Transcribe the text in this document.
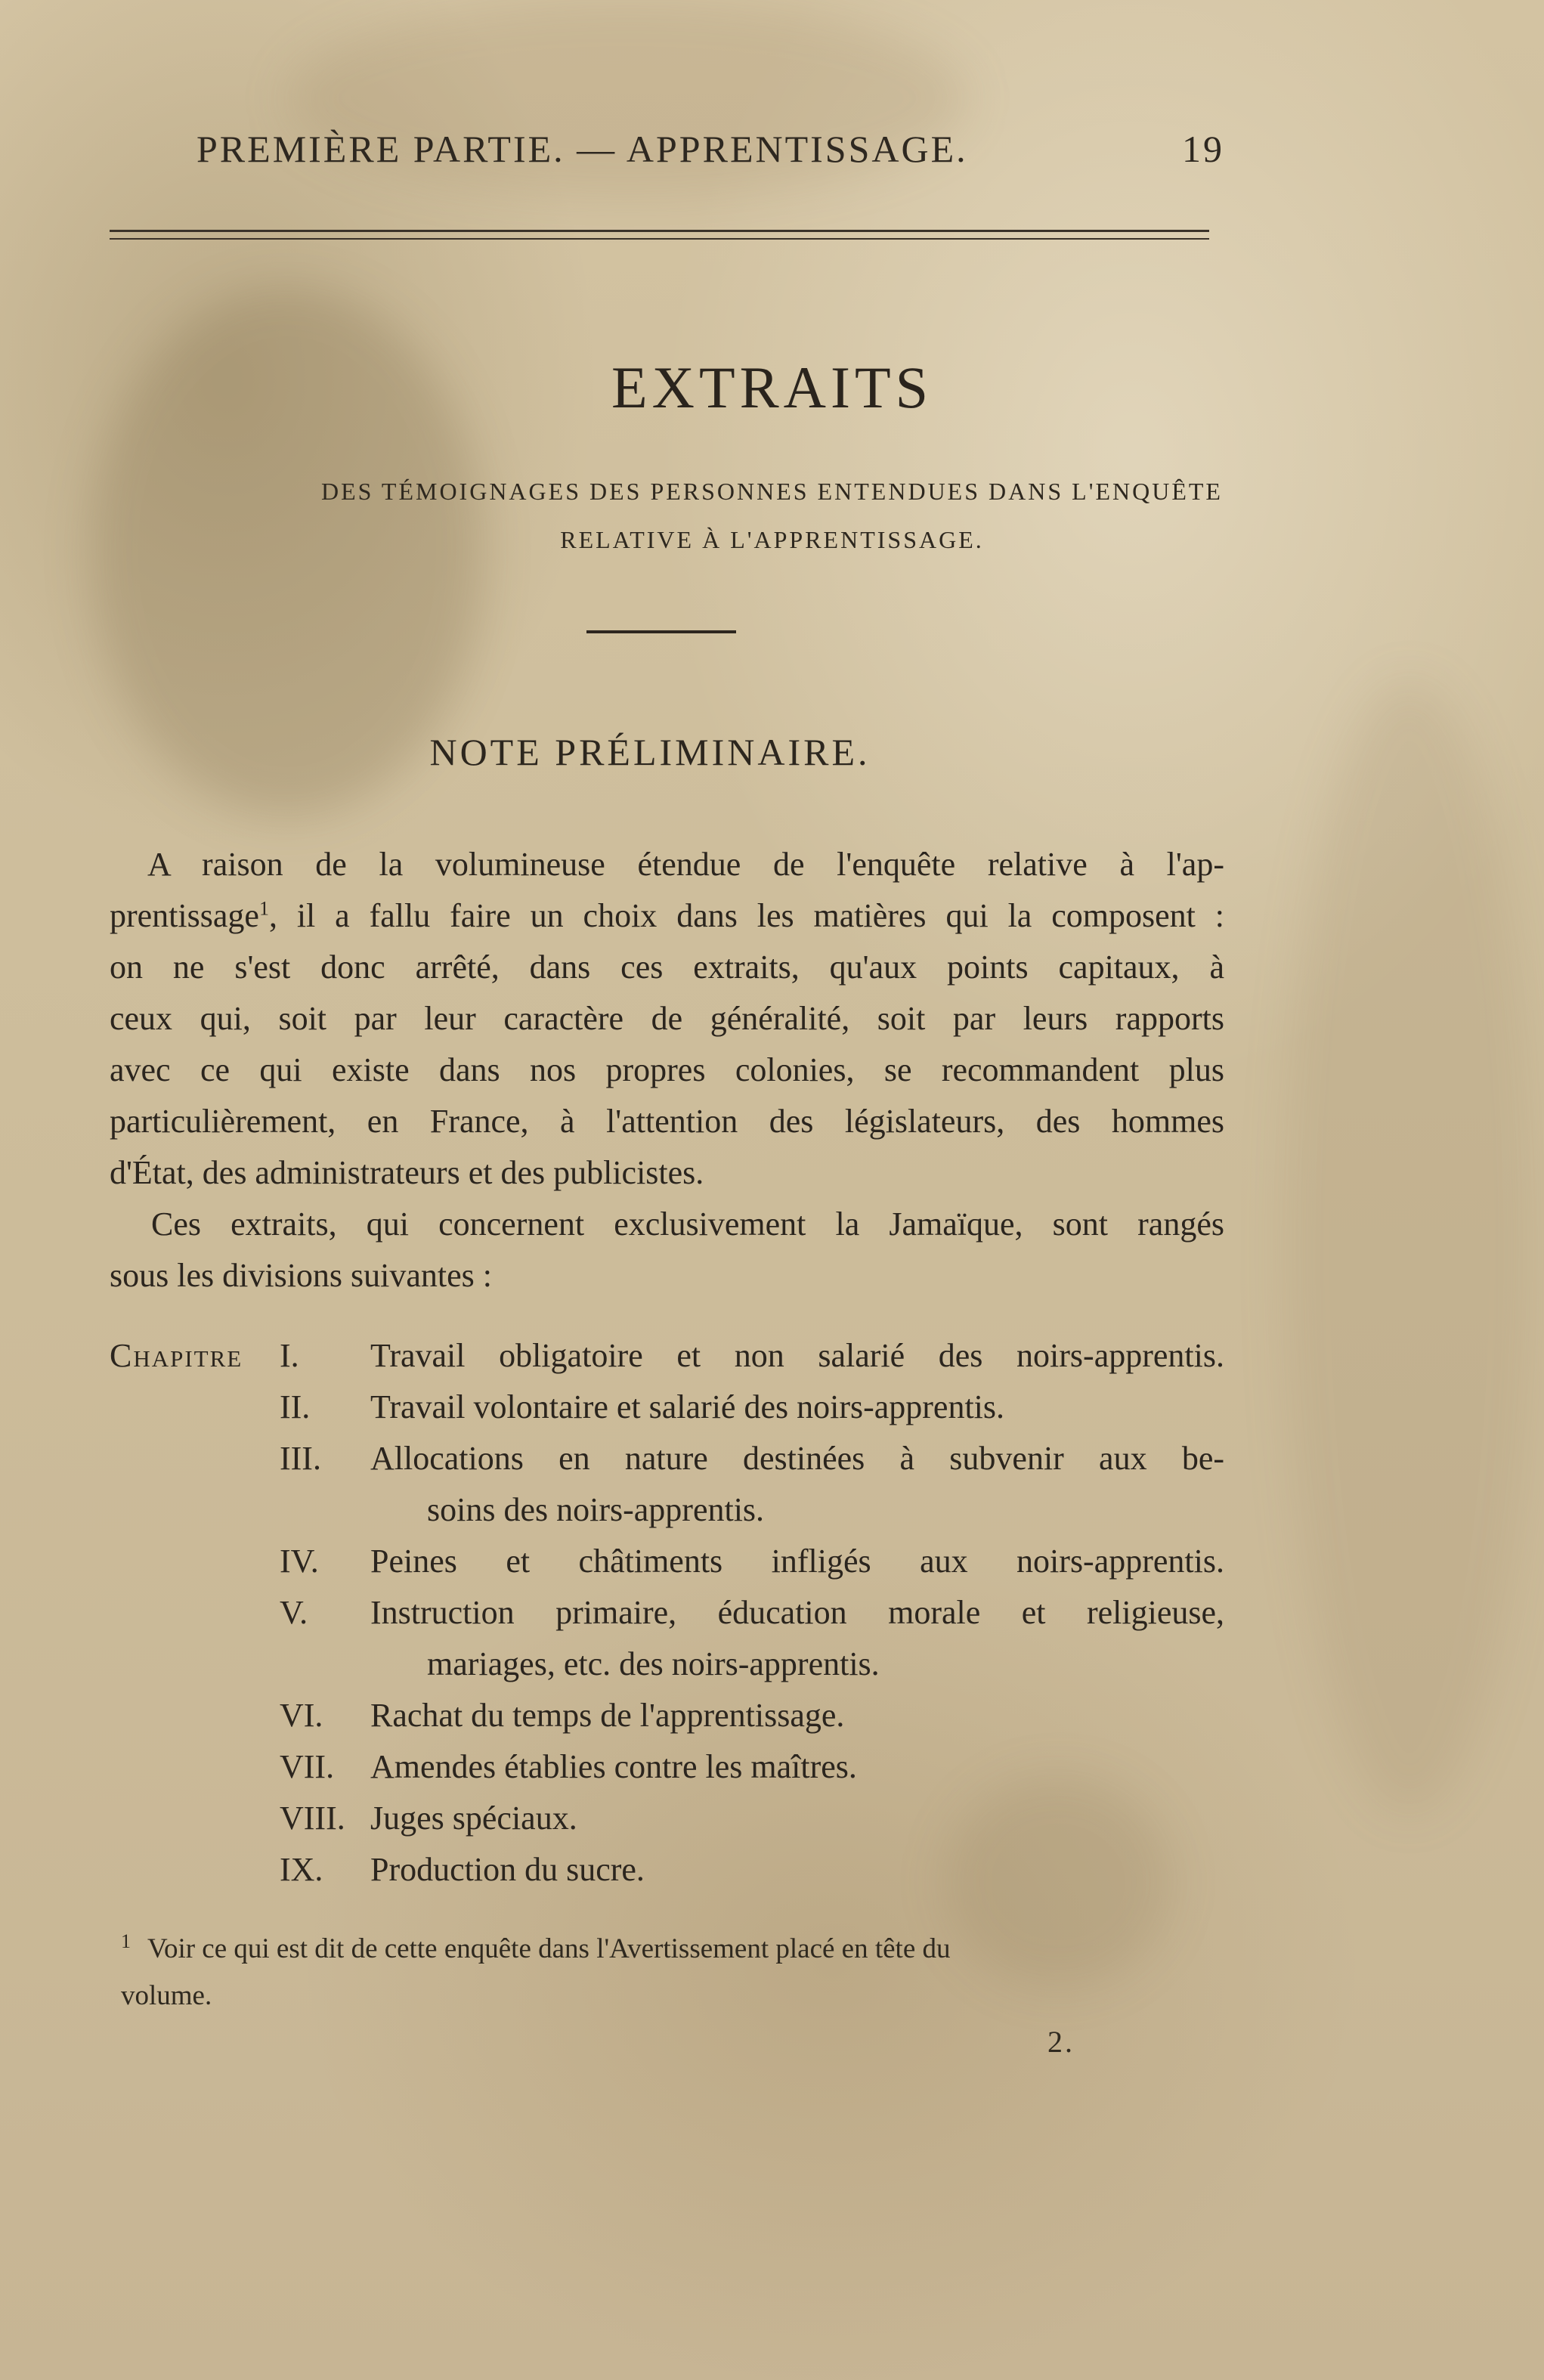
PREMIÈRE PARTIE. — APPRENTISSAGE.	19
EXTRAITS
DES TÉMOIGNAGES DES PERSONNES ENTENDUES DANS L'ENQUÊTE
RELATIVE À L'APPRENTISSAGE.
NOTE PRÉLIMINAIRE.
A raison de la volumineuse étendue de l'enquête relative à l'ap-
prentissage$^1$, il a fallu faire un choix dans les matières qui la composent :
on ne s'est donc arrêté, dans ces extraits, qu'aux points capitaux, à
ceux qui, soit par leur caractère de généralité, soit par leurs rapports
avec ce qui existe dans nos propres colonies, se recommandent plus
particulièrement, en France, à l'attention des législateurs, des hommes
d'État, des administrateurs et des publicistes.
Ces extraits, qui concernent exclusivement la Jamaïque, sont rangés
sous les divisions suivantes :
Chapitre	I.	Travail obligatoire et non salarié des noirs-apprentis.
II.	Travail volontaire et salarié des noirs-apprentis.
III.	Allocations en nature destinées à subvenir aux be-
soins des noirs-apprentis.
IV.	Peines et châtiments infligés aux noirs-apprentis.
V.	Instruction primaire, éducation morale et religieuse,
mariages, etc. des noirs-apprentis.
VI.	Rachat du temps de l'apprentissage.
VII.	Amendes établies contre les maîtres.
VIII. Juges spéciaux.
IX.	Production du sucre.
$^1$ Voir ce qui est dit de cette enquête dans l'Avertissement placé en tête du
volume.
2.
